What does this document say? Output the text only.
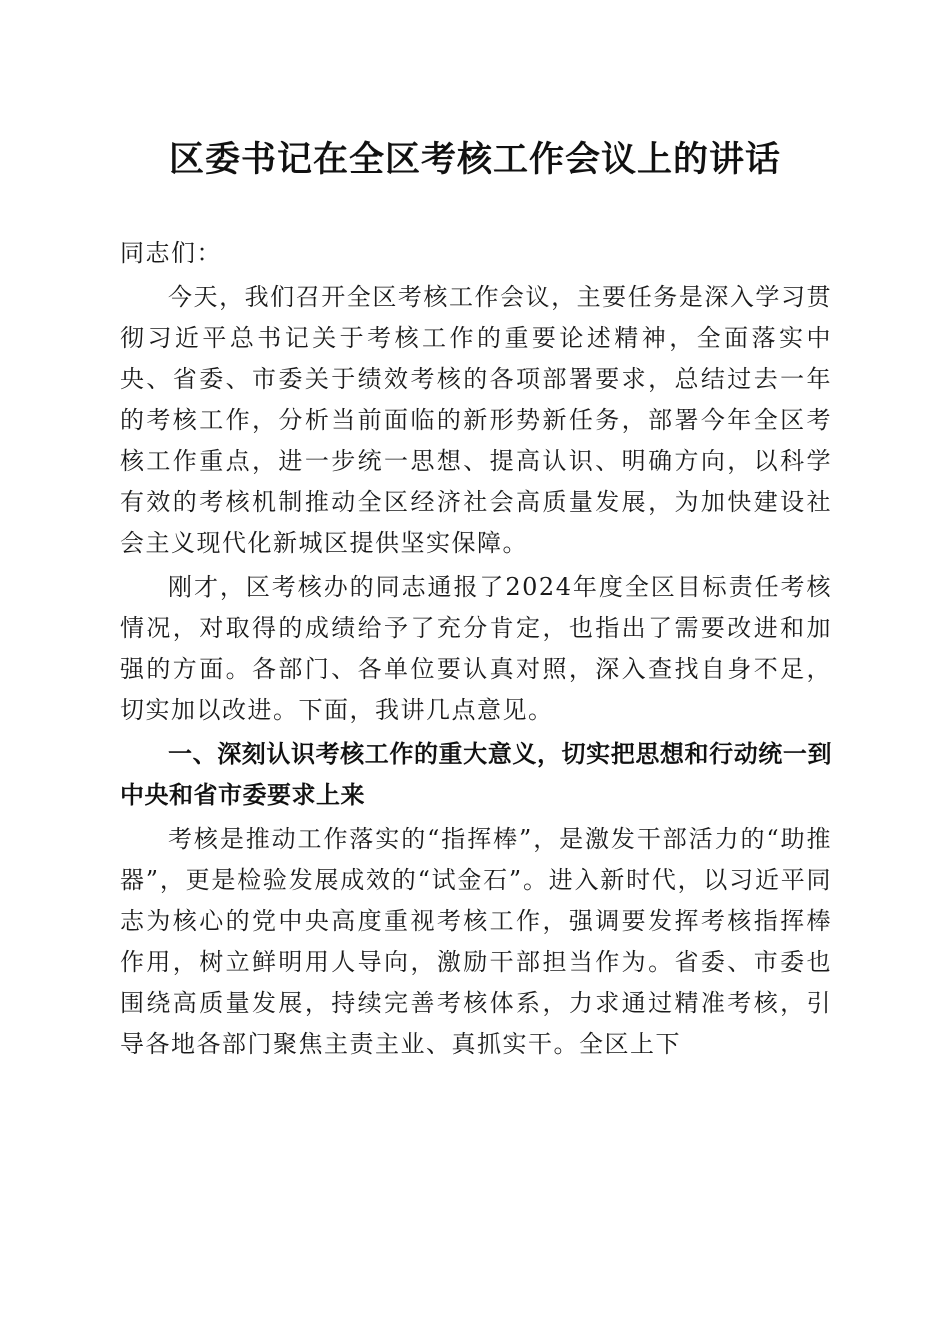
区委书记在全区考核工作会议上的讲话

同志们：

今天，我们召开全区考核工作会议，主要任务是深入学习贯彻习近平总书记关于考核工作的重要论述精神，全面落实中央、省委、市委关于绩效考核的各项部署要求，总结过去一年的考核工作，分析当前面临的新形势新任务，部署今年全区考核工作重点，进一步统一思想、提高认识、明确方向，以科学有效的考核机制推动全区经济社会高质量发展，为加快建设社会主义现代化新城区提供坚实保障。

刚才，区考核办的同志通报了2024年度全区目标责任考核情况，对取得的成绩给予了充分肯定，也指出了需要改进和加强的方面。各部门、各单位要认真对照，深入查找自身不足，切实加以改进。下面，我讲几点意见。

一、深刻认识考核工作的重大意义，切实把思想和行动统一到中央和省市委要求上来

考核是推动工作落实的“指挥棒”，是激发干部活力的“助推器”，更是检验发展成效的“试金石”。进入新时代，以习近平同志为核心的党中央高度重视考核工作，强调要发挥考核指挥棒作用，树立鲜明用人导向，激励干部担当作为。省委、市委也围绕高质量发展，持续完善考核体系，力求通过精准考核，引导各地各部门聚焦主责主业、真抓实干。全区上下
